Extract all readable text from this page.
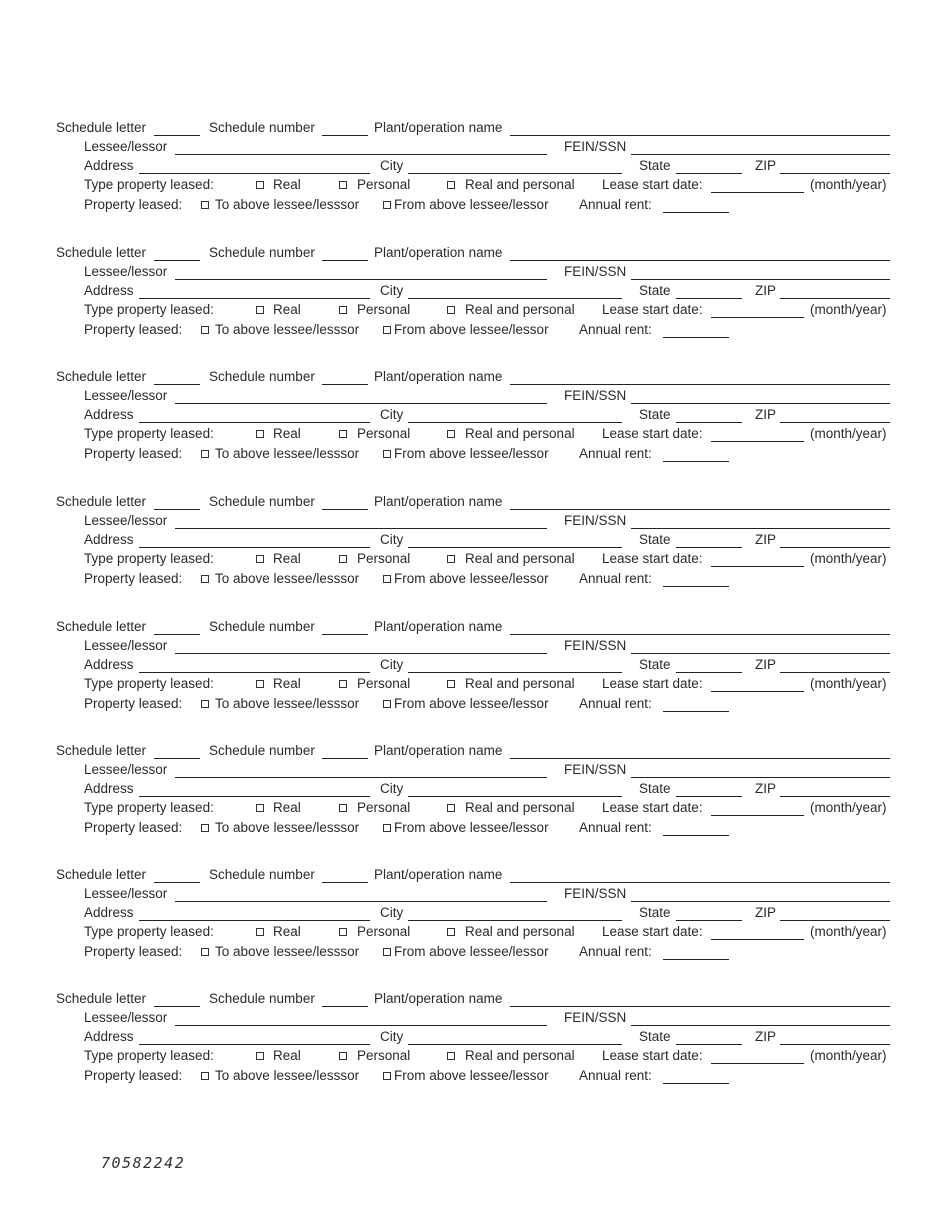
Schedule letter	Schedule number	Plant/operation name
Lessee/lessor	FEIN/SSN
Address	City	State	ZIP
Type property leased:	Real	Personal	Real and personal Lease start date:	(month/year)
Property leased: To above lessee/lesssor	From above lessee/lessor Annual rent:
Schedule letter	Schedule number	Plant/operation name
Lessee/lessor	FEIN/SSN
Address	City	State	ZIP
Type property leased:	Real	Personal	Real and personal Lease start date:	(month/year)
Property leased: To above lessee/lesssor	From above lessee/lessor Annual rent:
Schedule letter	Schedule number	Plant/operation name
Lessee/lessor	FEIN/SSN
Address	City	State	ZIP
Type property leased:	Real	Personal	Real and personal Lease start date:	(month/year)
Property leased: To above lessee/lesssor	From above lessee/lessor Annual rent:
Schedule letter	Schedule number	Plant/operation name
Lessee/lessor	FEIN/SSN
Address	City	State	ZIP
Type property leased:	Real	Personal	Real and personal Lease start date:	(month/year)
Property leased: To above lessee/lesssor	From above lessee/lessor Annual rent:
Schedule letter	Schedule number	Plant/operation name
Lessee/lessor	FEIN/SSN
Address	City	State	ZIP
Type property leased:	Real	Personal	Real and personal Lease start date:	(month/year)
Property leased: To above lessee/lesssor	From above lessee/lessor Annual rent:
Schedule letter	Schedule number	Plant/operation name
Lessee/lessor	FEIN/SSN
Address	City	State	ZIP
Type property leased:	Real	Personal	Real and personal Lease start date:	(month/year)
Property leased: To above lessee/lesssor	From above lessee/lessor Annual rent:
Schedule letter	Schedule number	Plant/operation name
Lessee/lessor	FEIN/SSN
Address	City	State	ZIP
Type property leased:	Real	Personal	Real and personal Lease start date:	(month/year)
Property leased: To above lessee/lesssor	From above lessee/lessor Annual rent:
Schedule letter	Schedule number	Plant/operation name
Lessee/lessor	FEIN/SSN
Address	City	State	ZIP
Type property leased:	Real	Personal	Real and personal Lease start date:	(month/year)
Property leased: To above lessee/lesssor	From above lessee/lessor Annual rent:
70582242
